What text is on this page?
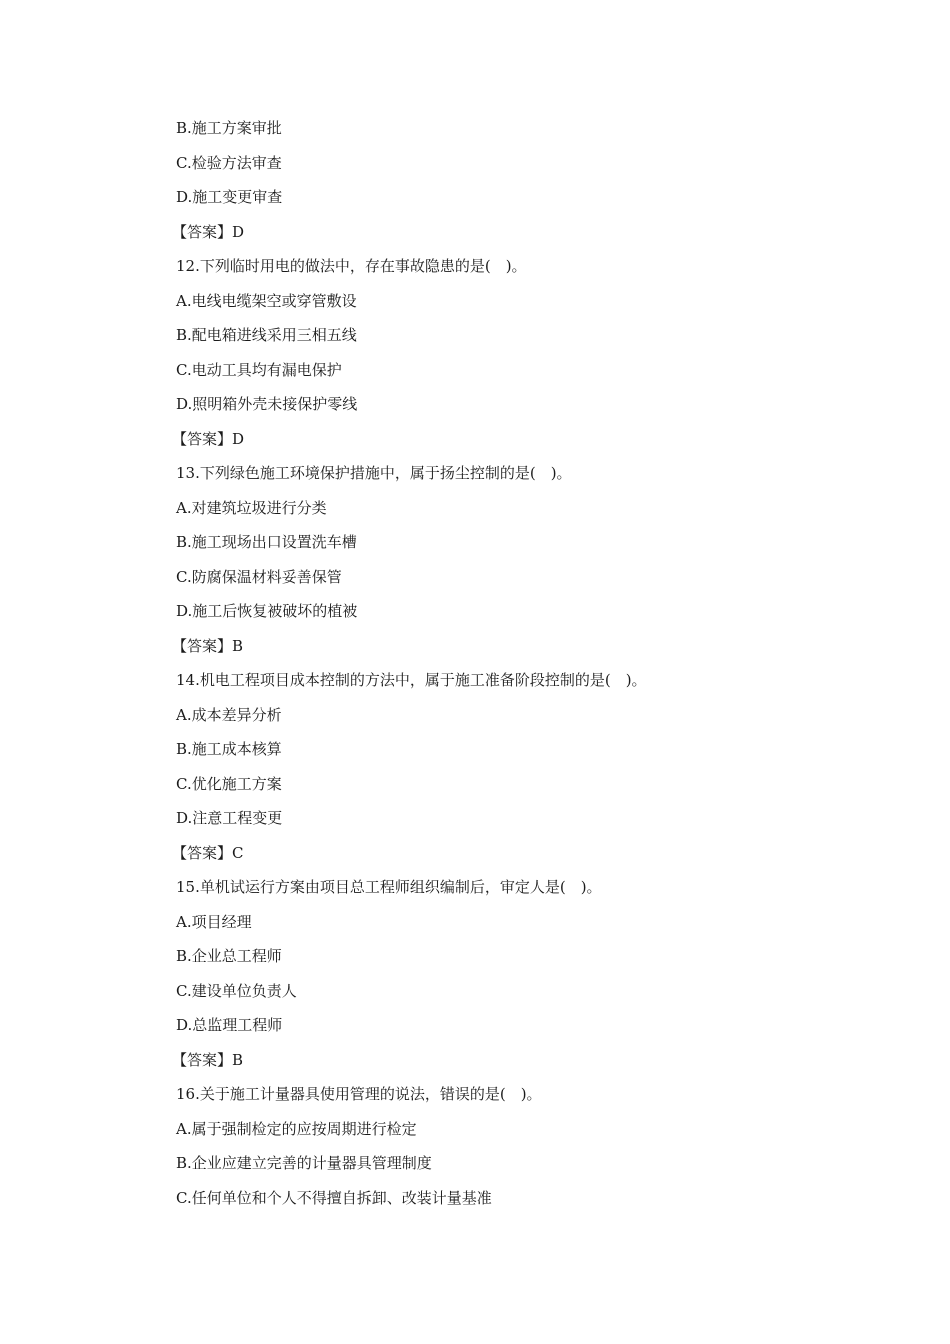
B.施工方案审批
C.检验方法审查
D.施工变更审查
【答案】D
12.下列临时用电的做法中，存在事故隐患的是(　)。
A.电线电缆架空或穿管敷设
B.配电箱进线采用三相五线
C.电动工具均有漏电保护
D.照明箱外壳未接保护零线
【答案】D
13.下列绿色施工环境保护措施中，属于扬尘控制的是(　)。
A.对建筑垃圾进行分类
B.施工现场出口设置洗车槽
C.防腐保温材料妥善保管
D.施工后恢复被破坏的植被
【答案】B
14.机电工程项目成本控制的方法中，属于施工准备阶段控制的是(　)。
A.成本差异分析
B.施工成本核算
C.优化施工方案
D.注意工程变更
【答案】C
15.单机试运行方案由项目总工程师组织编制后，审定人是(　)。
A.项目经理
B.企业总工程师
C.建设单位负责人
D.总监理工程师
【答案】B
16.关于施工计量器具使用管理的说法，错误的是(　)。
A.属于强制检定的应按周期进行检定
B.企业应建立完善的计量器具管理制度
C.任何单位和个人不得擅自拆卸、改装计量基准
